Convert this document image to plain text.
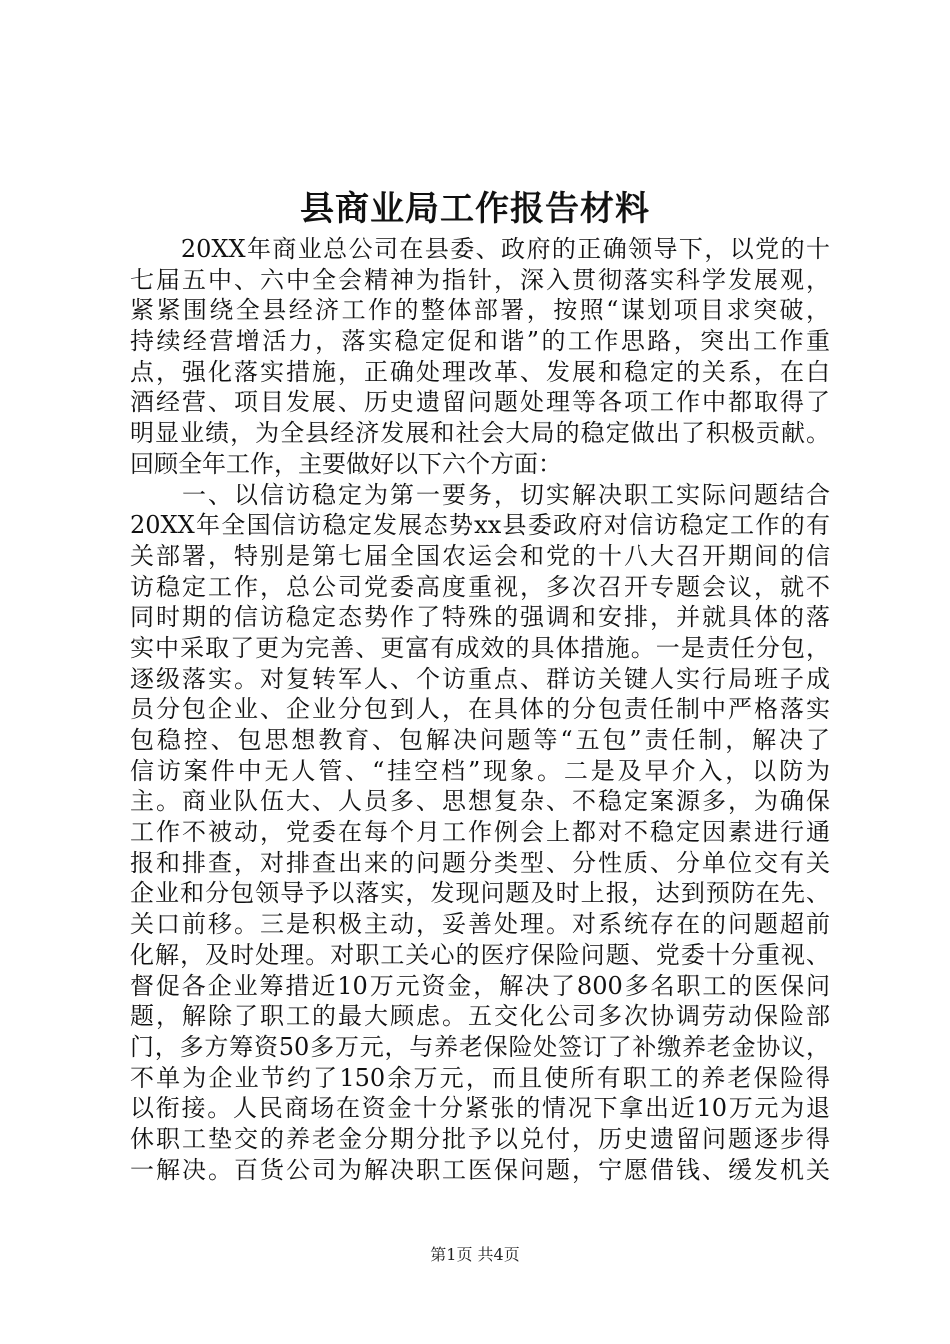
县商业局工作报告材料
　　20XX年商业总公司在县委、政府的正确领导下，以党的十
七届五中、六中全会精神为指针，深入贯彻落实科学发展观，
紧紧围绕全县经济工作的整体部署，按照“谋划项目求突破，
持续经营增活力，落实稳定促和谐”的工作思路，突出工作重
点，强化落实措施，正确处理改革、发展和稳定的关系，在白
酒经营、项目发展、历史遗留问题处理等各项工作中都取得了
明显业绩，为全县经济发展和社会大局的稳定做出了积极贡献。
回顾全年工作，主要做好以下六个方面：
　　一、以信访稳定为第一要务，切实解决职工实际问题结合
20XX年全国信访稳定发展态势xx县委政府对信访稳定工作的有
关部署，特别是第七届全国农运会和党的十八大召开期间的信
访稳定工作，总公司党委高度重视，多次召开专题会议，就不
同时期的信访稳定态势作了特殊的强调和安排，并就具体的落
实中采取了更为完善、更富有成效的具体措施。一是责任分包，
逐级落实。对复转军人、个访重点、群访关键人实行局班子成
员分包企业、企业分包到人，在具体的分包责任制中严格落实
包稳控、包思想教育、包解决问题等“五包”责任制，解决了
信访案件中无人管、“挂空档”现象。二是及早介入，以防为
主。商业队伍大、人员多、思想复杂、不稳定案源多，为确保
工作不被动，党委在每个月工作例会上都对不稳定因素进行通
报和排查，对排查出来的问题分类型、分性质、分单位交有关
企业和分包领导予以落实，发现问题及时上报，达到预防在先、
关口前移。三是积极主动，妥善处理。对系统存在的问题超前
化解，及时处理。对职工关心的医疗保险问题、党委十分重视、
督促各企业筹措近10万元资金，解决了800多名职工的医保问
题，解除了职工的最大顾虑。五交化公司多次协调劳动保险部
门，多方筹资50多万元，与养老保险处签订了补缴养老金协议，
不单为企业节约了150余万元，而且使所有职工的养老保险得
以衔接。人民商场在资金十分紧张的情况下拿出近10万元为退
休职工垫交的养老金分期分批予以兑付，历史遗留问题逐步得
一解决。百货公司为解决职工医保问题，宁愿借钱、缓发机关
第1页 共4页
